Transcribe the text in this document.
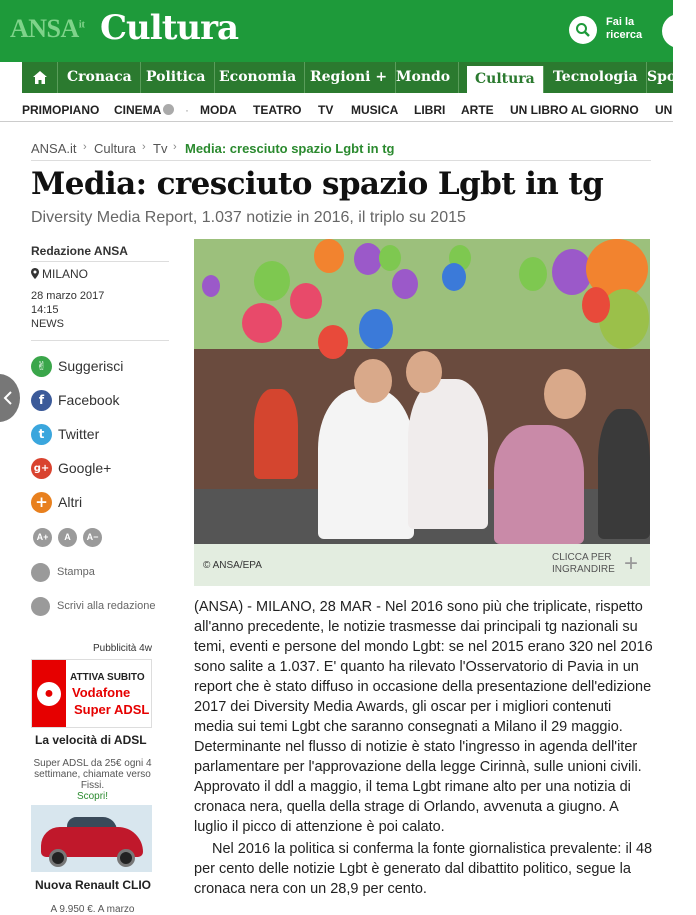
$ANSA^{it}$ Cultura	Fai la
ricerca
Cronaca	Politica Economia Regioni + Mondo	Cultura	Tecnologia Spo
PRIMOPIANO CINEMA	· MODA TEATRO TV MUSICA LIBRI ARTE UN LIBRO AL GIORNO UN
ANSA.it › Cultura › Tv › Media: cresciuto spazio Lgbt in tg
Media: cresciuto spazio Lgbt in tg
Diversity Media Report, 1.037 notizie in 2016, il triplo su 2015
Redazione ANSA
MILANO
28 marzo 2017
14:15
NEWS
✌ Suggerisci
f Facebook
t Twitter
g+ Google+
+ Altri
A+	A	A−
Stampa
Scrivi alla redazione
Pubblicità 4w
●
ATTIVA SUBITO
Vodafone
Super ADSL
La velocità di ADSL
Super ADSL da 25€ ogni 4 settimane, chiamate verso Fissi.
Scopri!
Nuova Renault CLIO
A 9.950 €. A marzo
© ANSA/EPA
CLICCA PER
INGRANDIRE +

(ANSA) - MILANO, 28 MAR - Nel 2016 sono più che triplicate, rispetto all'anno precedente, le notizie trasmesse dai principali tg nazionali su temi, eventi e persone del mondo Lgbt: se nel 2015 erano 320 nel 2016 sono salite a 1.037. E' quanto ha rilevato l'Osservatorio di Pavia in un report che è stato diffuso in occasione della presentazione dell'edizione 2017 dei Diversity Media Awards, gli oscar per i migliori contenuti media sui temi Lgbt che saranno consegnati a Milano il 29 maggio. Determinante nel flusso di notizie è stato l'ingresso in agenda dell'iter parlamentare per l'approvazione della legge Cirinnà, sulle unioni civili. Approvato il ddl a maggio, il tema Lgbt rimane alto per una notizia di cronaca nera, quella della strage di Orlando, avvenuta a giugno. A luglio il picco di attenzione è poi calato.

Nel 2016 la politica si conferma la fonte giornalistica prevalente: il 48 per cento delle notizie Lgbt è generato dal dibattito politico, segue la cronaca nera con un 28,9 per cento.
